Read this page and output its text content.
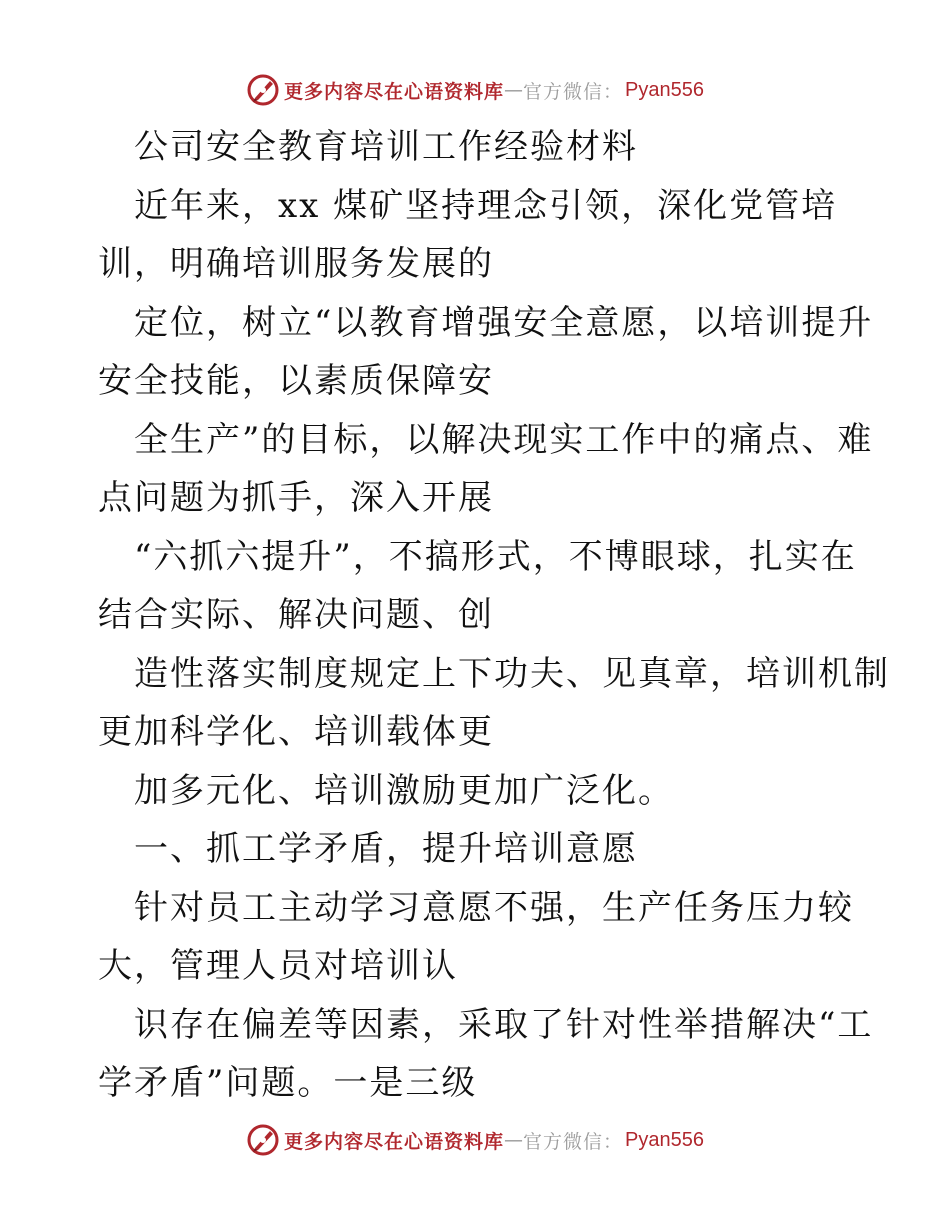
更多内容尽在心语资料库 — 官方微信： Pyan556
公司安全教育培训工作经验材料
近年来，xx 煤矿坚持理念引领，深化党管培
训，明确培训服务发展的
定位，树立“以教育增强安全意愿，以培训提升
安全技能，以素质保障安
全生产”的目标，以解决现实工作中的痛点、难
点问题为抓手，深入开展
“六抓六提升”，不搞形式，不博眼球，扎实在
结合实际、解决问题、创
造性落实制度规定上下功夫、见真章，培训机制
更加科学化、培训载体更
加多元化、培训激励更加广泛化。
一、抓工学矛盾，提升培训意愿
针对员工主动学习意愿不强，生产任务压力较
大，管理人员对培训认
识存在偏差等因素，采取了针对性举措解决“工
学矛盾”问题。一是三级
更多内容尽在心语资料库 — 官方微信： Pyan556
